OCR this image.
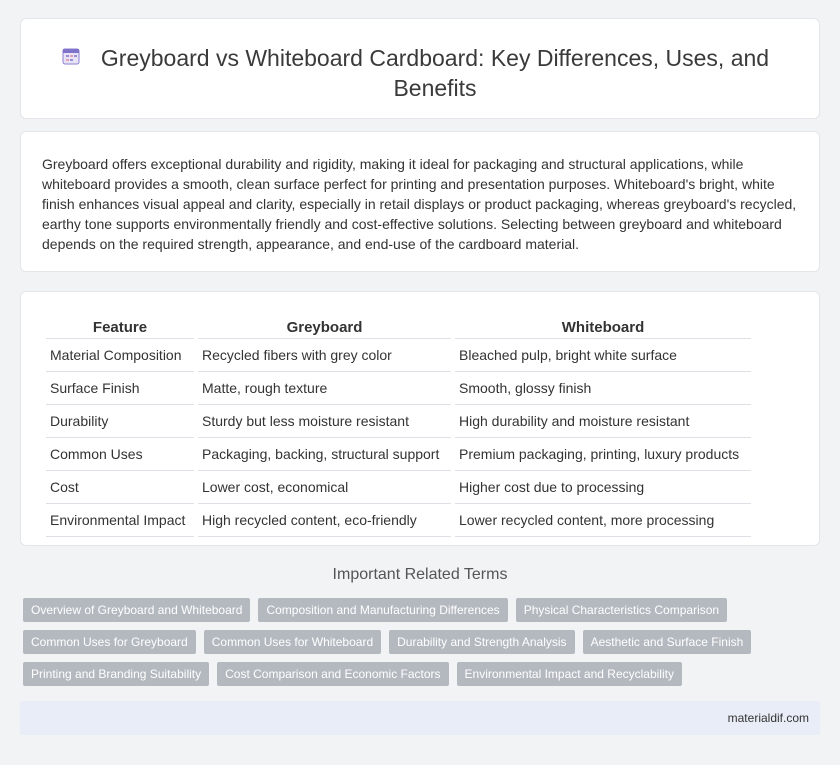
Greyboard vs Whiteboard Cardboard: Key Differences, Uses, and Benefits

Greyboard offers exceptional durability and rigidity, making it ideal for packaging and structural applications, while whiteboard provides a smooth, clean surface perfect for printing and presentation purposes. Whiteboard's bright, white finish enhances visual appeal and clarity, especially in retail displays or product packaging, whereas greyboard's recycled, earthy tone supports environmentally friendly and cost-effective solutions. Selecting between greyboard and whiteboard depends on the required strength, appearance, and end-use of the cardboard material.

Feature	Greyboard	Whiteboard
Material Composition	Recycled fibers with grey color	Bleached pulp, bright white surface
Surface Finish	Matte, rough texture	Smooth, glossy finish
Durability	Sturdy but less moisture resistant	High durability and moisture resistant
Common Uses	Packaging, backing, structural support	Premium packaging, printing, luxury products
Cost	Lower cost, economical	Higher cost due to processing
Environmental Impact	High recycled content, eco-friendly	Lower recycled content, more processing
Important Related Terms
Overview of Greyboard and Whiteboard	Composition and Manufacturing Differences	Physical Characteristics Comparison
Common Uses for Greyboard	Common Uses for Whiteboard	Durability and Strength Analysis	Aesthetic and Surface Finish
Printing and Branding Suitability	Cost Comparison and Economic Factors	Environmental Impact and Recyclability
materialdif.com
